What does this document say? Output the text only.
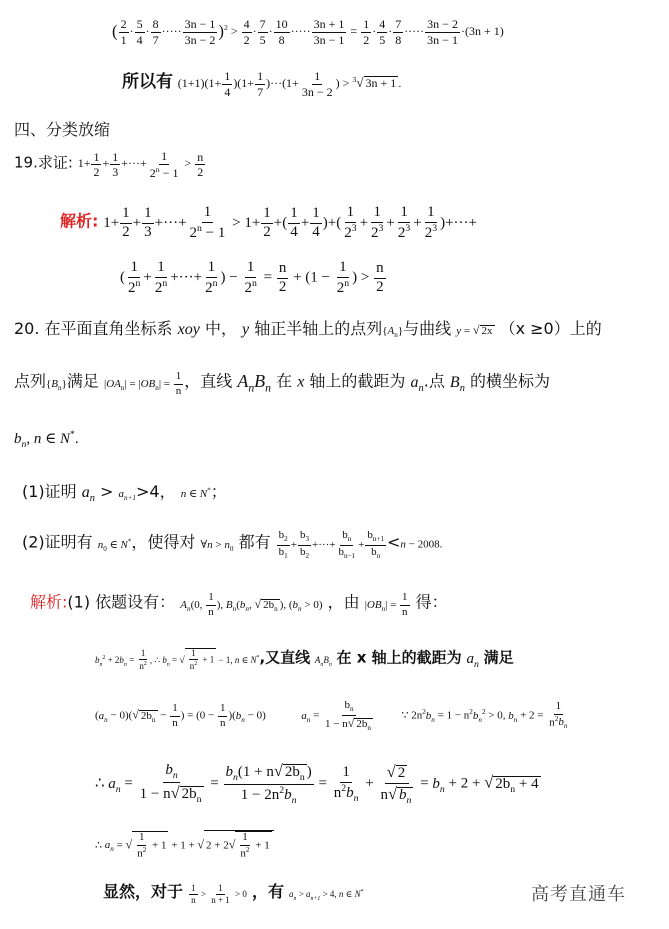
( $\frac{2}{1} \cdot \frac{5}{4} \cdot \frac{8}{7}$ ····· $\frac{3n - 1}{3n - 2} )^2 > \frac{4}{2} \cdot \frac{7}{5} \cdot \frac{10}{8}$ ····· $\frac{3n + 1}{3n - 1} = \frac{1}{2} \cdot \frac{4}{5} \cdot \frac{7}{8}$ ····· $\frac{3n - 2}{3n - 1} \cdot(3n + 1)$
所以有 $(1+1)(1+ \frac{1}{4} )(1+ \frac{1}{7} )\cdot\cdot\cdot(1+ \frac{1}{3n - 2}$ ) > $^3$√ 3n + 1 .
四、分类放缩
19.求证: $1+ \frac{1}{2} + \frac{1}{3}$ +···+ $\frac{1}{2^n - 1} > \frac{n}{2}$
解析: $1+ \frac{1}{2} + \frac{1}{3}$ +···+ $\frac{1}{2^n - 1} > 1+ \frac{1}{2}$ +( $\frac{1}{4} + \frac{1}{4}$ )+( $\frac{1}{2^3} + \frac{1}{2^3} + \frac{1}{2^3} + \frac{1}{2^3}$ )+···+
( $\frac{1}{2^n} + \frac{1}{2^n}$ +···+ $\frac{1}{2^n}$ ) − $\frac{1}{2^n} = \frac{n}{2} + (1 - \frac{1}{2^n}$ ) > $\frac{n}{2}$
20. 在平面直角坐标系 xoy 中， y 轴正半轴上的点列$\{A_n\}$与曲线 y = √ 2x （x ≥0）上的
点列$\{B_n\}$满足 $|OA_n| = |OB_n| = \frac{1}{n}$ ，直线 $A_nB_n$ 在 x 轴上的截距为 $a_n$.点 $B_n$ 的横坐标为
$b_n$, n ∈ N*.
(1)证明 $a_n > a_{n+1}>4$， n ∈ N*；
(2)证明有 $n_0$ ∈ N*，使得对 ∀n > $n_0$ 都有 $\frac{b_2}{b_1} + \frac{b_3}{b_2}$ +···+ $\frac{b_n}{b_{n-1}} + \frac{b_{n+1}}{b_n} <n - 2008$.
解析:(1) 依题设有： $A_n(0$, $\frac{1}{n}$ ), $B_n(b_n$, √ $2b_n$ ), $(b_n > 0)$ ，由 $|OB_n| = \frac{1}{n}$ 得：
$b_n^2 + 2b_n = \frac{1}{n^2}$ , ∴ $b_n$ = √ $\frac{1}{n^2} + 1 - 1$, n ∈ N*,又直线 $A_nB_n$ 在 x 轴上的截距为 $a_n$ 满足
$(a_n - 0)(√$ $2b_n - \frac{1}{n}$ ) = $(0 - \frac{1}{n} )(b_n - 0)$	$a_n = \frac{b_n}{1 - n√ 2b_n}$ ∵ $2n^2b_n = 1 - n^2b_n^2 > 0$, $b_n + 2 = \frac{1}{n^2b_n}$
∴ $a_n = \frac{b_n}{1 - n√ 2b_n} = \frac{b_n(1 + n√ 2b_n )}{1 - 2n^2b_n} = \frac{1}{n^2b_n} + \frac{√ 2}{n√ b_n} = b_n + 2$ + √ $2b_n + 4$
∴ $a_n$ = √ $\frac{1}{n^2} + 1 + 1$ + √ $2 + 2√ \frac{1}{n^2} + 1$
显然，对于 $\frac{1}{n} > \frac{1}{n + 1} > 0$ ，有 $a_n > a_{n+1} > 4$, n ∈ N*	高考直通车
